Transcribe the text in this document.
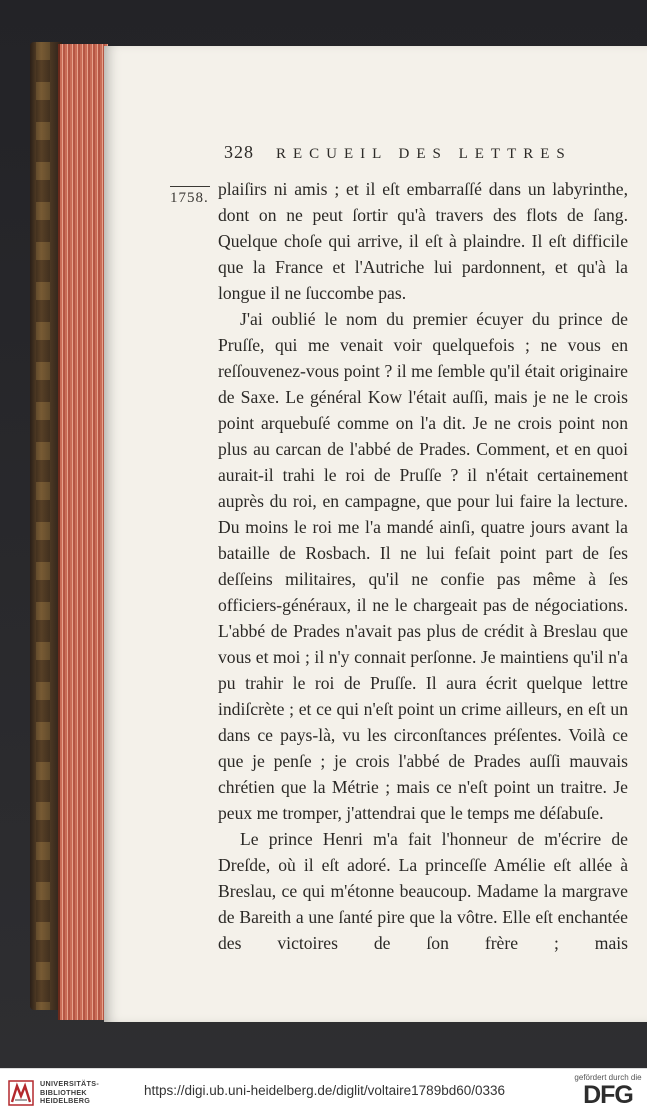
328 RECUEIL DES LETTRES
1758. plaiſirs ni amis ; et il eſt embarraſſé dans un labyrinthe, dont on ne peut ſortir qu'à travers des flots de ſang. Quelque choſe qui arrive, il eſt à plaindre. Il eſt difficile que la France et l'Autriche lui pardonnent, et qu'à la longue il ne ſuccombe pas.

J'ai oublié le nom du premier écuyer du prince de Pruſſe, qui me venait voir quelquefois ; ne vous en reſſouvenez-vous point ? il me ſemble qu'il était originaire de Saxe. Le général Kow l'était auſſi, mais je ne le crois point arquebuſé comme on l'a dit. Je ne crois point non plus au carcan de l'abbé de Prades. Comment, et en quoi aurait-il trahi le roi de Pruſſe ? il n'était certainement auprès du roi, en campagne, que pour lui faire la lecture. Du moins le roi me l'a mandé ainſi, quatre jours avant la bataille de Rosbach. Il ne lui feſait point part de ſes deſſeins militaires, qu'il ne confie pas même à ſes officiers-généraux, il ne le chargeait pas de négociations. L'abbé de Prades n'avait pas plus de crédit à Breslau que vous et moi ; il n'y connait perſonne. Je maintiens qu'il n'a pu trahir le roi de Pruſſe. Il aura écrit quelque lettre indiſcrète ; et ce qui n'eſt point un crime ailleurs, en eſt un dans ce pays-là, vu les circonſtances préſentes. Voilà ce que je penſe ; je crois l'abbé de Prades auſſi mauvais chrétien que la Métrie ; mais ce n'eſt point un traitre. Je peux me tromper, j'attendrai que le temps me déſabuſe.

Le prince Henri m'a fait l'honneur de m'écrire de Dreſde, où il eſt adoré. La princeſſe Amélie eſt allée à Breslau, ce qui m'étonne beaucoup. Madame la margrave de Bareith a une ſanté pire que la vôtre. Elle eſt enchantée des victoires de ſon frère ; mais

UNIVERSITÄTS-
BIBLIOTHEK
HEIDELBERG
https://digi.ub.uni-heidelberg.de/diglit/voltaire1789bd60/0336
gefördert durch die
DFG
